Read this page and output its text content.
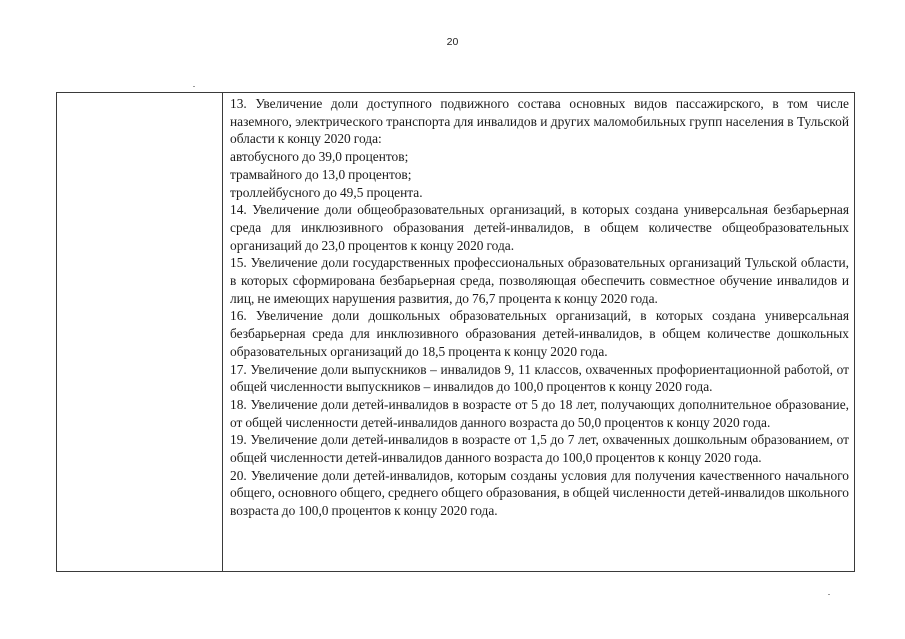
20

13. Увеличение доли доступного подвижного состава основных видов пассажирского, в том числе наземного, электрического транспорта для инвалидов и других маломобильных групп населения в Тульской области к концу 2020 года:

автобусного до 39,0 процентов;

трамвайного до 13,0 процентов;

троллейбусного до 49,5 процента.

14. Увеличение доли общеобразовательных организаций, в которых создана универсальная безбарьерная среда для инклюзивного образования детей-инвалидов, в общем количестве общеобразовательных организаций до 23,0 процентов к концу 2020 года.

15. Увеличение доли государственных профессиональных образовательных организаций Тульской области, в которых сформирована безбарьерная среда, позволяющая обеспечить совместное обучение инвалидов и лиц, не имеющих нарушения развития, до 76,7 процента к концу 2020 года.

16. Увеличение доли дошкольных образовательных организаций, в которых создана универсальная безбарьерная среда для инклюзивного образования детей-инвалидов, в общем количестве дошкольных образовательных организаций до 18,5 процента к концу 2020 года.

17. Увеличение доли выпускников – инвалидов 9, 11 классов, охваченных профориентационной работой, от общей численности выпускников – инвалидов до 100,0 процентов к концу 2020 года.

18. Увеличение доли детей-инвалидов в возрасте от 5 до 18 лет, получающих дополнительное образование, от общей численности детей-инвалидов данного возраста до 50,0 процентов к концу 2020 года.

19. Увеличение доли детей-инвалидов в возрасте от 1,5 до 7 лет, охваченных дошкольным образованием, от общей численности детей-инвалидов данного возраста до 100,0 процентов к концу 2020 года.

20. Увеличение доли детей-инвалидов, которым созданы условия для получения качественного начального общего, основного общего, среднего общего образования, в общей численности детей-инвалидов школьного возраста до 100,0 процентов к концу 2020 года.
